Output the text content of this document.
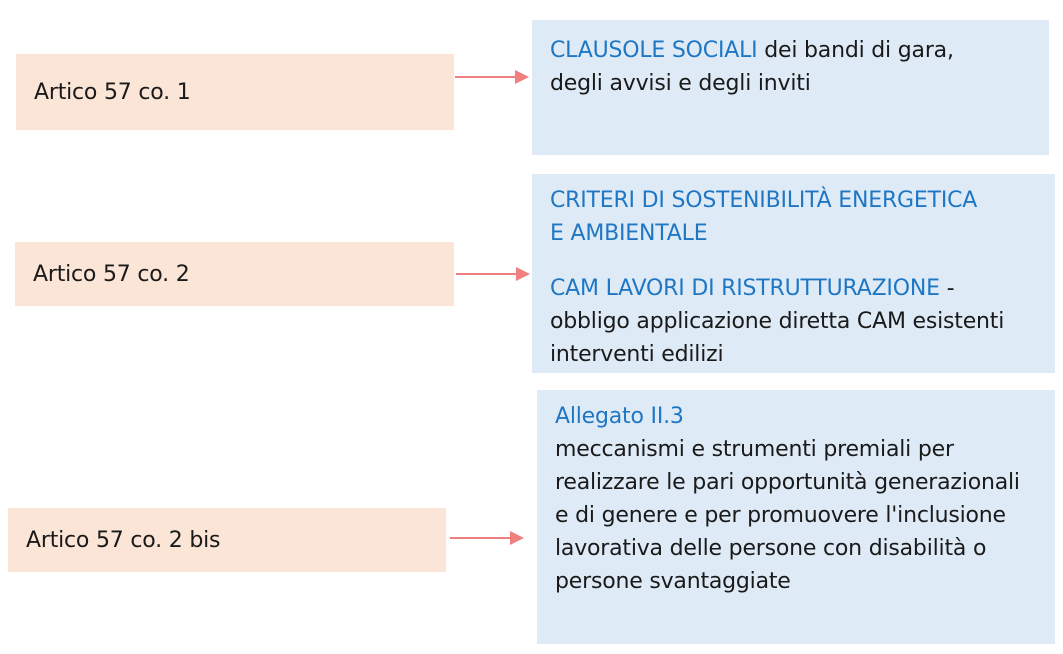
Artico 57 co. 1
CLAUSOLE SOCIALI dei bandi di gara,
degli avvisi e degli inviti
Artico 57 co. 2
CRITERI DI SOSTENIBILITÀ ENERGETICA
E AMBIENTALE
CAM LAVORI DI RISTRUTTURAZIONE -
obbligo applicazione diretta CAM esistenti
interventi edilizi
Artico 57 co. 2 bis
Allegato II.3
meccanismi e strumenti premiali per
realizzare le pari opportunità generazionali
e di genere e per promuovere l'inclusione
lavorativa delle persone con disabilità o
persone svantaggiate
